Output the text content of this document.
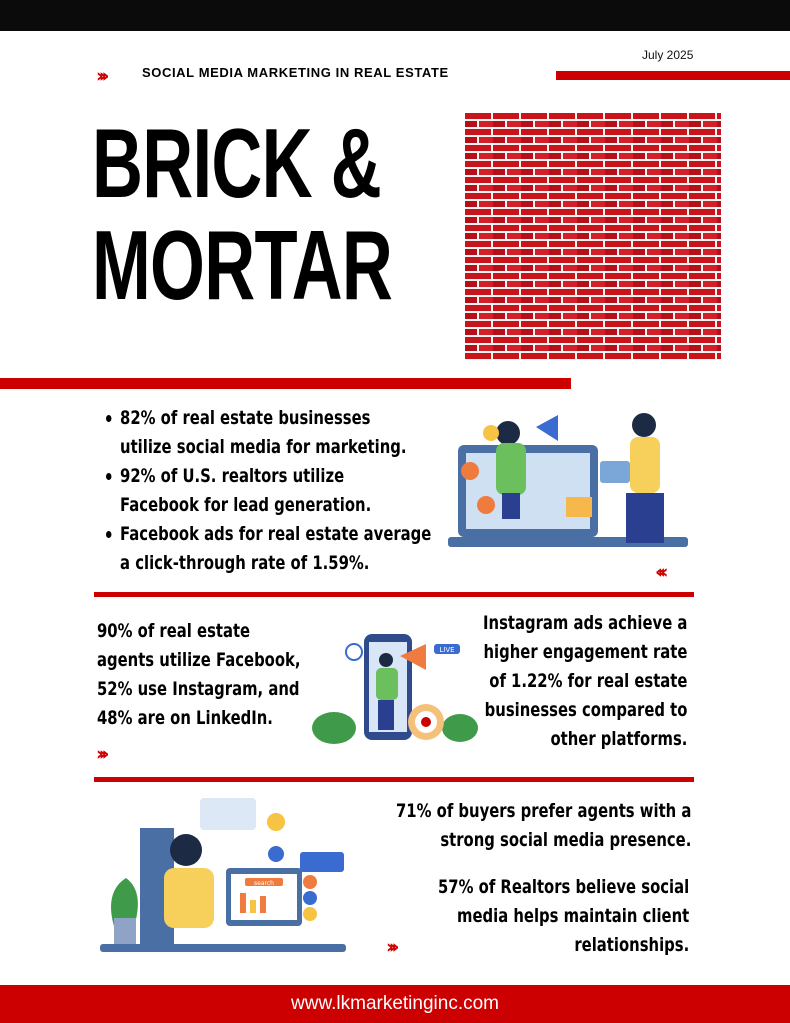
July 2025
›››	SOCIAL MEDIA MARKETING IN REAL ESTATE
BRICK &
MORTAR
82% of real estate businesses
utilize social media for marketing.
92% of U.S. realtors utilize
Facebook for lead generation.
Facebook ads for real estate average
a click-through rate of 1.59%.	‹‹‹
90% of real estate
agents utilize Facebook,
52% use Instagram, and
48% are on LinkedIn.
LIVE
Instagram ads achieve a
higher engagement rate
of 1.22% for real estate
businesses compared to
other platforms.
›››
search
71% of buyers prefer agents with a
strong social media presence.
57% of Realtors believe social
media helps maintain client
relationships.
›››
www.lkmarketinginc.com
